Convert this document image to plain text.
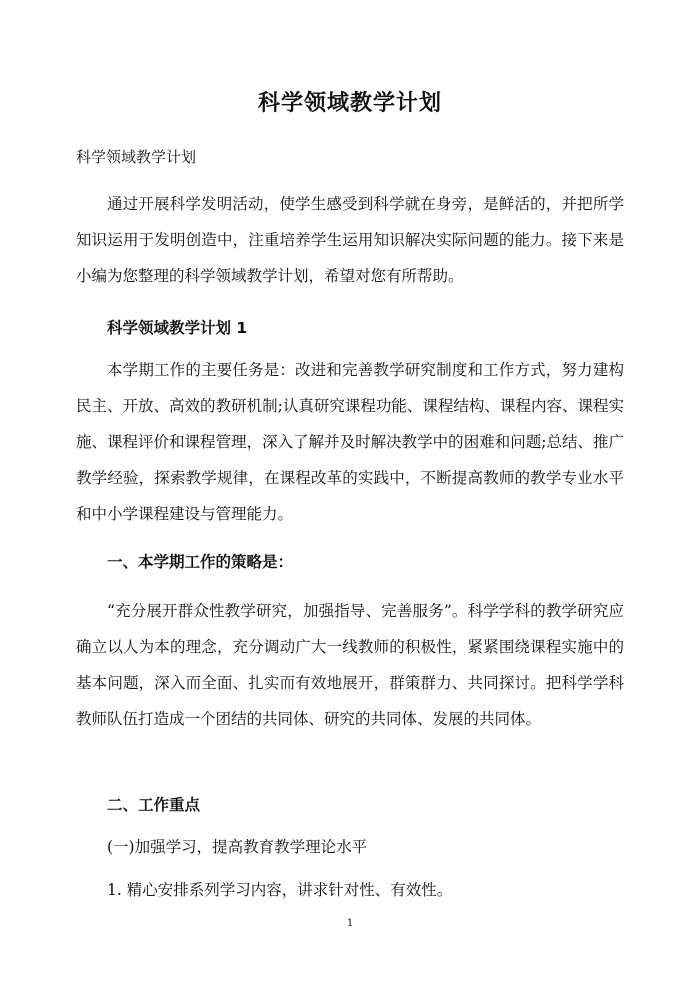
科学领域教学计划
科学领域教学计划
通过开展科学发明活动，使学生感受到科学就在身旁，是鲜活的，并把所学知识运用于发明创造中，注重培养学生运用知识解决实际问题的能力。接下来是小编为您整理的科学领域教学计划，希望对您有所帮助。
科学领域教学计划 1
本学期工作的主要任务是：改进和完善教学研究制度和工作方式，努力建构民主、开放、高效的教研机制;认真研究课程功能、课程结构、课程内容、课程实施、课程评价和课程管理，深入了解并及时解决教学中的困难和问题;总结、推广教学经验，探索教学规律，在课程改革的实践中，不断提高教师的教学专业水平和中小学课程建设与管理能力。
一、本学期工作的策略是：
“充分展开群众性教学研究，加强指导、完善服务”。科学学科的教学研究应确立以人为本的理念，充分调动广大一线教师的积极性，紧紧围绕课程实施中的基本问题，深入而全面、扎实而有效地展开，群策群力、共同探讨。把科学学科教师队伍打造成一个团结的共同体、研究的共同体、发展的共同体。
二、工作重点
(一)加强学习，提高教育教学理论水平
1. 精心安排系列学习内容，讲求针对性、有效性。
1
